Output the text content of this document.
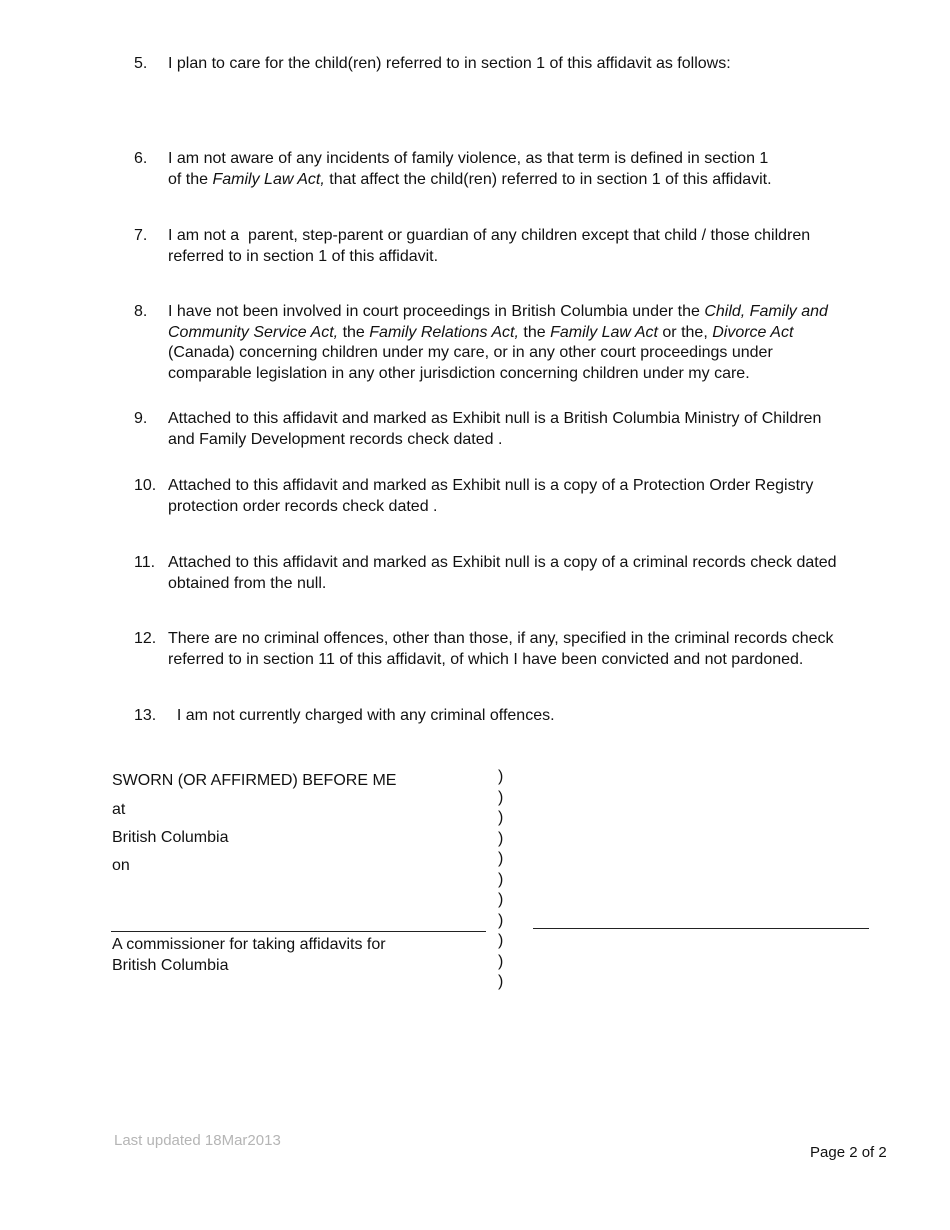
5. I plan to care for the child(ren) referred to in section 1 of this affidavit as follows:
6. I am not aware of any incidents of family violence, as that term is defined in section 1
of the Family Law Act, that affect the child(ren) referred to in section 1 of this affidavit.
7. I am not a  parent, step-parent or guardian of any children except that child / those children
referred to in section 1 of this affidavit.
8. I have not been involved in court proceedings in British Columbia under the Child, Family and
Community Service Act, the Family Relations Act, the Family Law Act or the, Divorce Act
(Canada) concerning children under my care, or in any other court proceedings under
comparable legislation in any other jurisdiction concerning children under my care.
9. Attached to this affidavit and marked as Exhibit null is a British Columbia Ministry of Children
and Family Development records check dated .
10. Attached to this affidavit and marked as Exhibit null is a copy of a Protection Order Registry
protection order records check dated .
11. Attached to this affidavit and marked as Exhibit null is a copy of a criminal records check dated
obtained from the null.
12. There are no criminal offences, other than those, if any, specified in the criminal records check
referred to in section 11 of this affidavit, of which I have been convicted and not pardoned.
13. I am not currently charged with any criminal offences.
SWORN (OR AFFIRMED) BEFORE ME
at
British Columbia
on
A commissioner for taking affidavits for
British Columbia
)
)
)
)
)
)
)
)
)
)
)
Last updated 18Mar2013
Page 2 of 2
